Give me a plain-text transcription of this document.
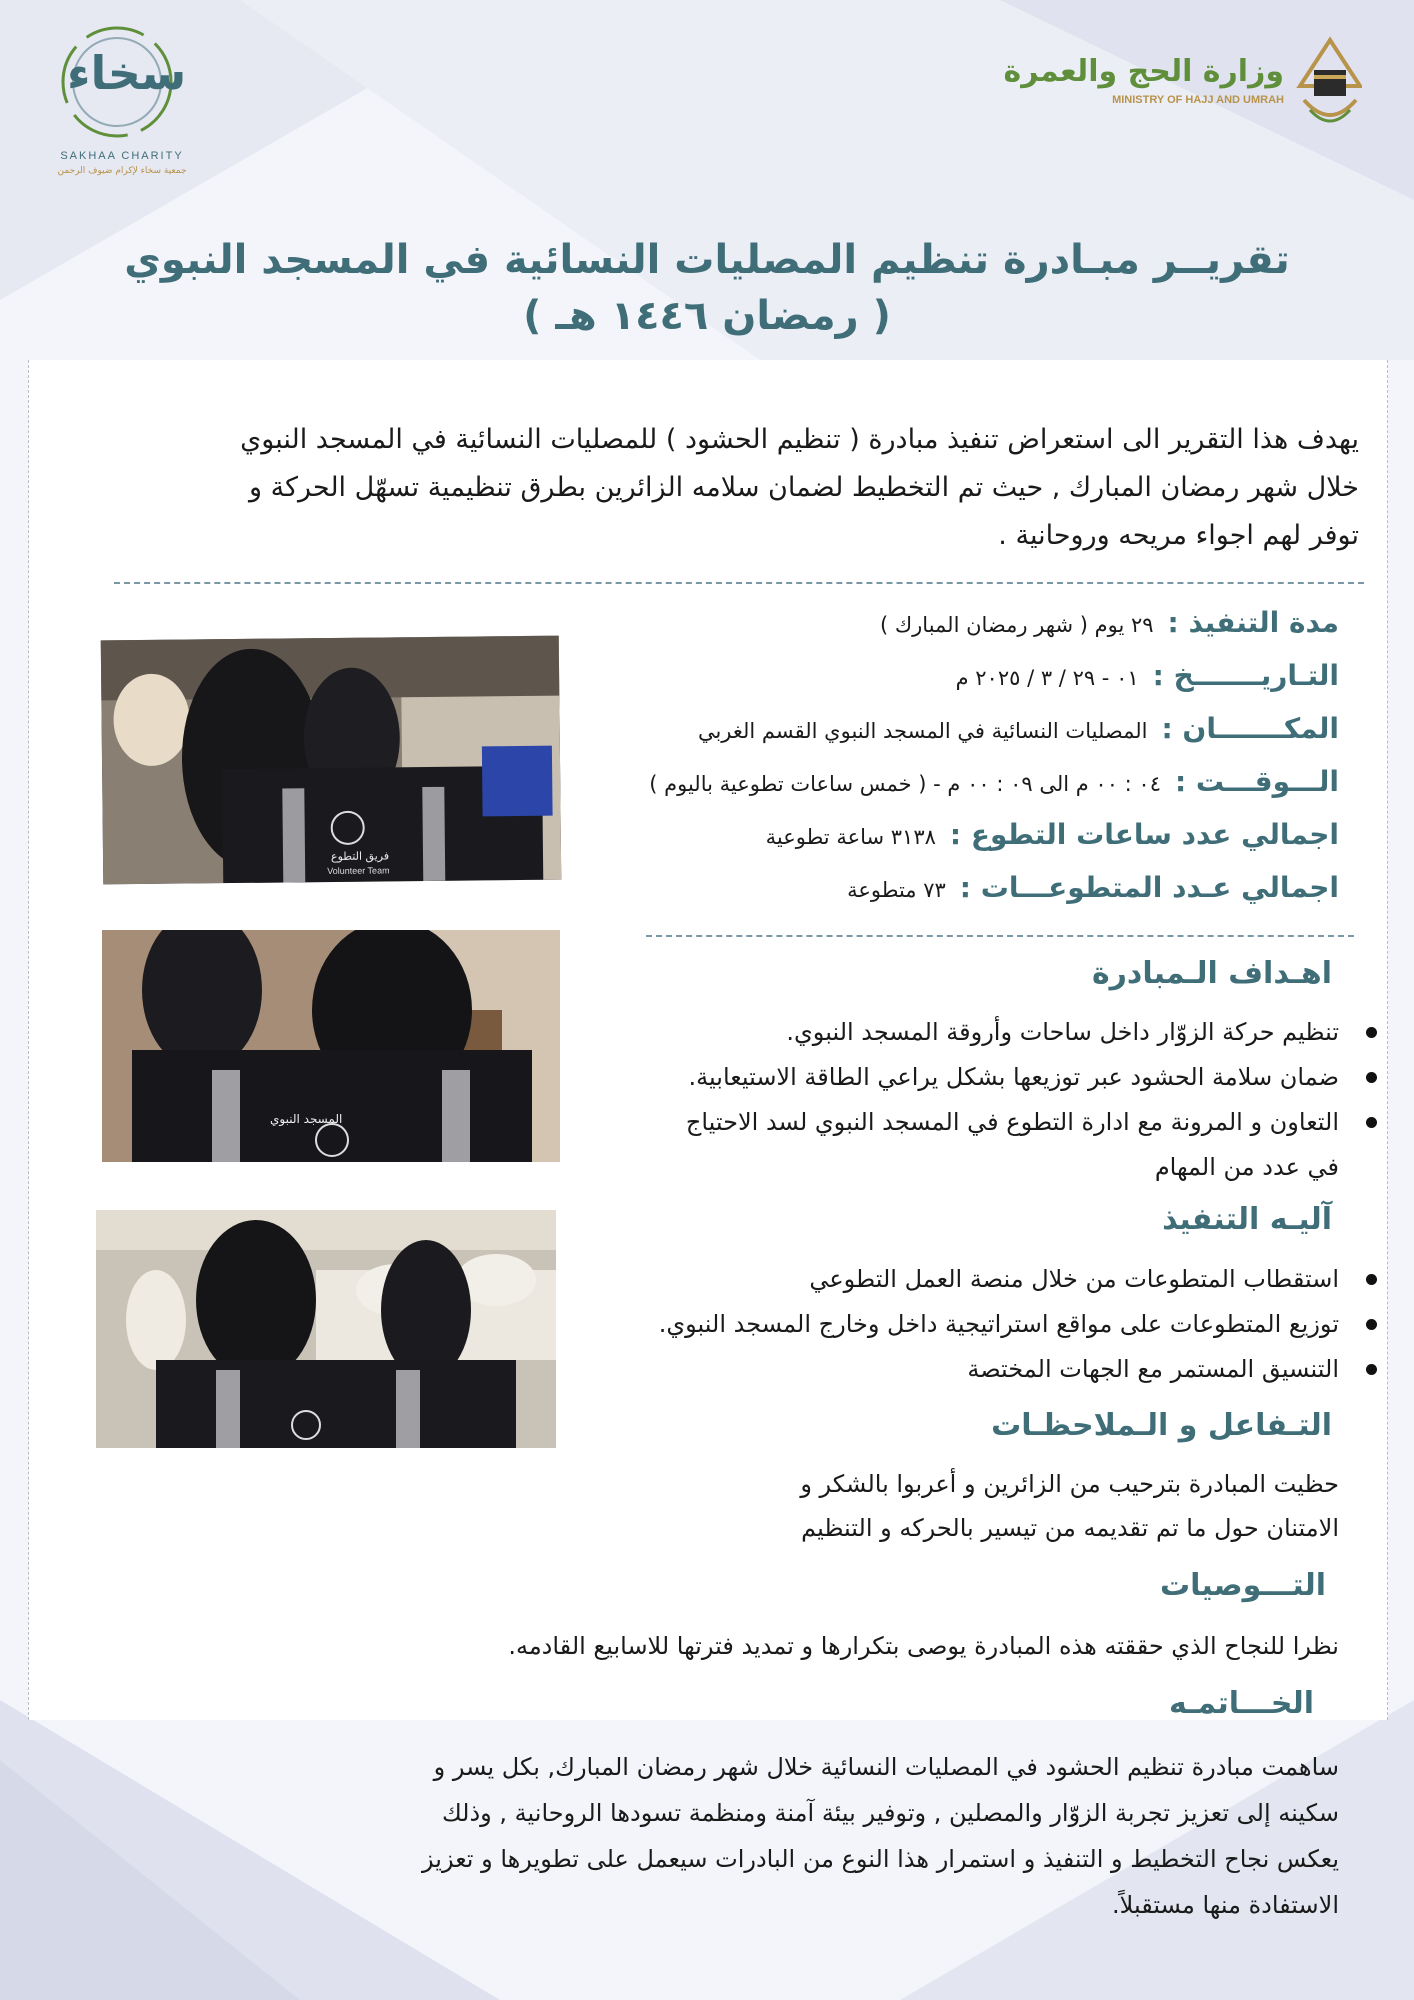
وزارة الحج والعمرة
MINISTRY OF HAJJ AND UMRAH
سخاء
SAKHAA CHARITY
جمعية سخاء لإكرام ضيوف الرحمن
تقريــر مبـادرة تنظيم المصليات النسائية في المسجد النبوي
( رمضان ١٤٤٦ هـ )
يهدف هذا التقرير الى استعراض تنفيذ مبادرة ( تنظيم الحشود ) للمصليات النسائية في المسجد النبوي خلال شهر رمضان المبارك , حيث تم التخطيط لضمان سلامه الزائرين بطرق تنظيمية تسهّل الحركة و توفر لهم اجواء مريحه وروحانية .
مدة التنفيذ :
٢٩ يوم ( شهر رمضان المبارك )
التـاريـــــــخ :
٠١ - ٢٩ / ٣ / ٢٠٢٥ م
المكـــــــان :
المصليات النسائية في المسجد النبوي القسم الغربي
الـــوقـــت :
٠٤ : ٠٠ م الى ٠٩ : ٠٠ م - ( خمس ساعات تطوعية باليوم )
اجمالي عدد ساعات التطوع :
٣١٣٨ ساعة تطوعية
اجمالي عـدد المتطوعـــات :
٧٣ متطوعة
فريق التطوع
Volunteer Team
المسجد النبوي
اهـداف الـمبادرة
تنظيم حركة الزوّار داخل ساحات وأروقة المسجد النبوي.
ضمان سلامة الحشود عبر توزيعها بشكل يراعي الطاقة الاستيعابية.
التعاون و المرونة مع ادارة التطوع في المسجد النبوي لسد الاحتياج
في عدد من المهام
آليـه التنفيذ
استقطاب المتطوعات من خلال منصة العمل التطوعي
توزيع المتطوعات على مواقع استراتيجية داخل وخارج المسجد النبوي.
التنسيق المستمر مع الجهات المختصة
التـفاعل و الـملاحظـات
حظيت المبادرة بترحيب من الزائرين و أعربوا بالشكر و
الامتنان حول ما تم تقديمه من تيسير بالحركه و التنظيم
التـــوصيات
نظرا للنجاح الذي حققته هذه المبادرة يوصى بتكرارها و تمديد فترتها للاسابيع القادمه.
الخـــاتمـه
ساهمت مبادرة تنظيم الحشود في المصليات النسائية خلال شهر رمضان المبارك, بكل يسر و
سكينه إلى تعزيز تجربة الزوّار والمصلين , وتوفير بيئة آمنة ومنظمة تسودها الروحانية , وذلك
يعكس نجاح التخطيط و التنفيذ و استمرار هذا النوع من البادرات سيعمل على تطويرها و تعزيز
الاستفادة منها مستقبلاً.
